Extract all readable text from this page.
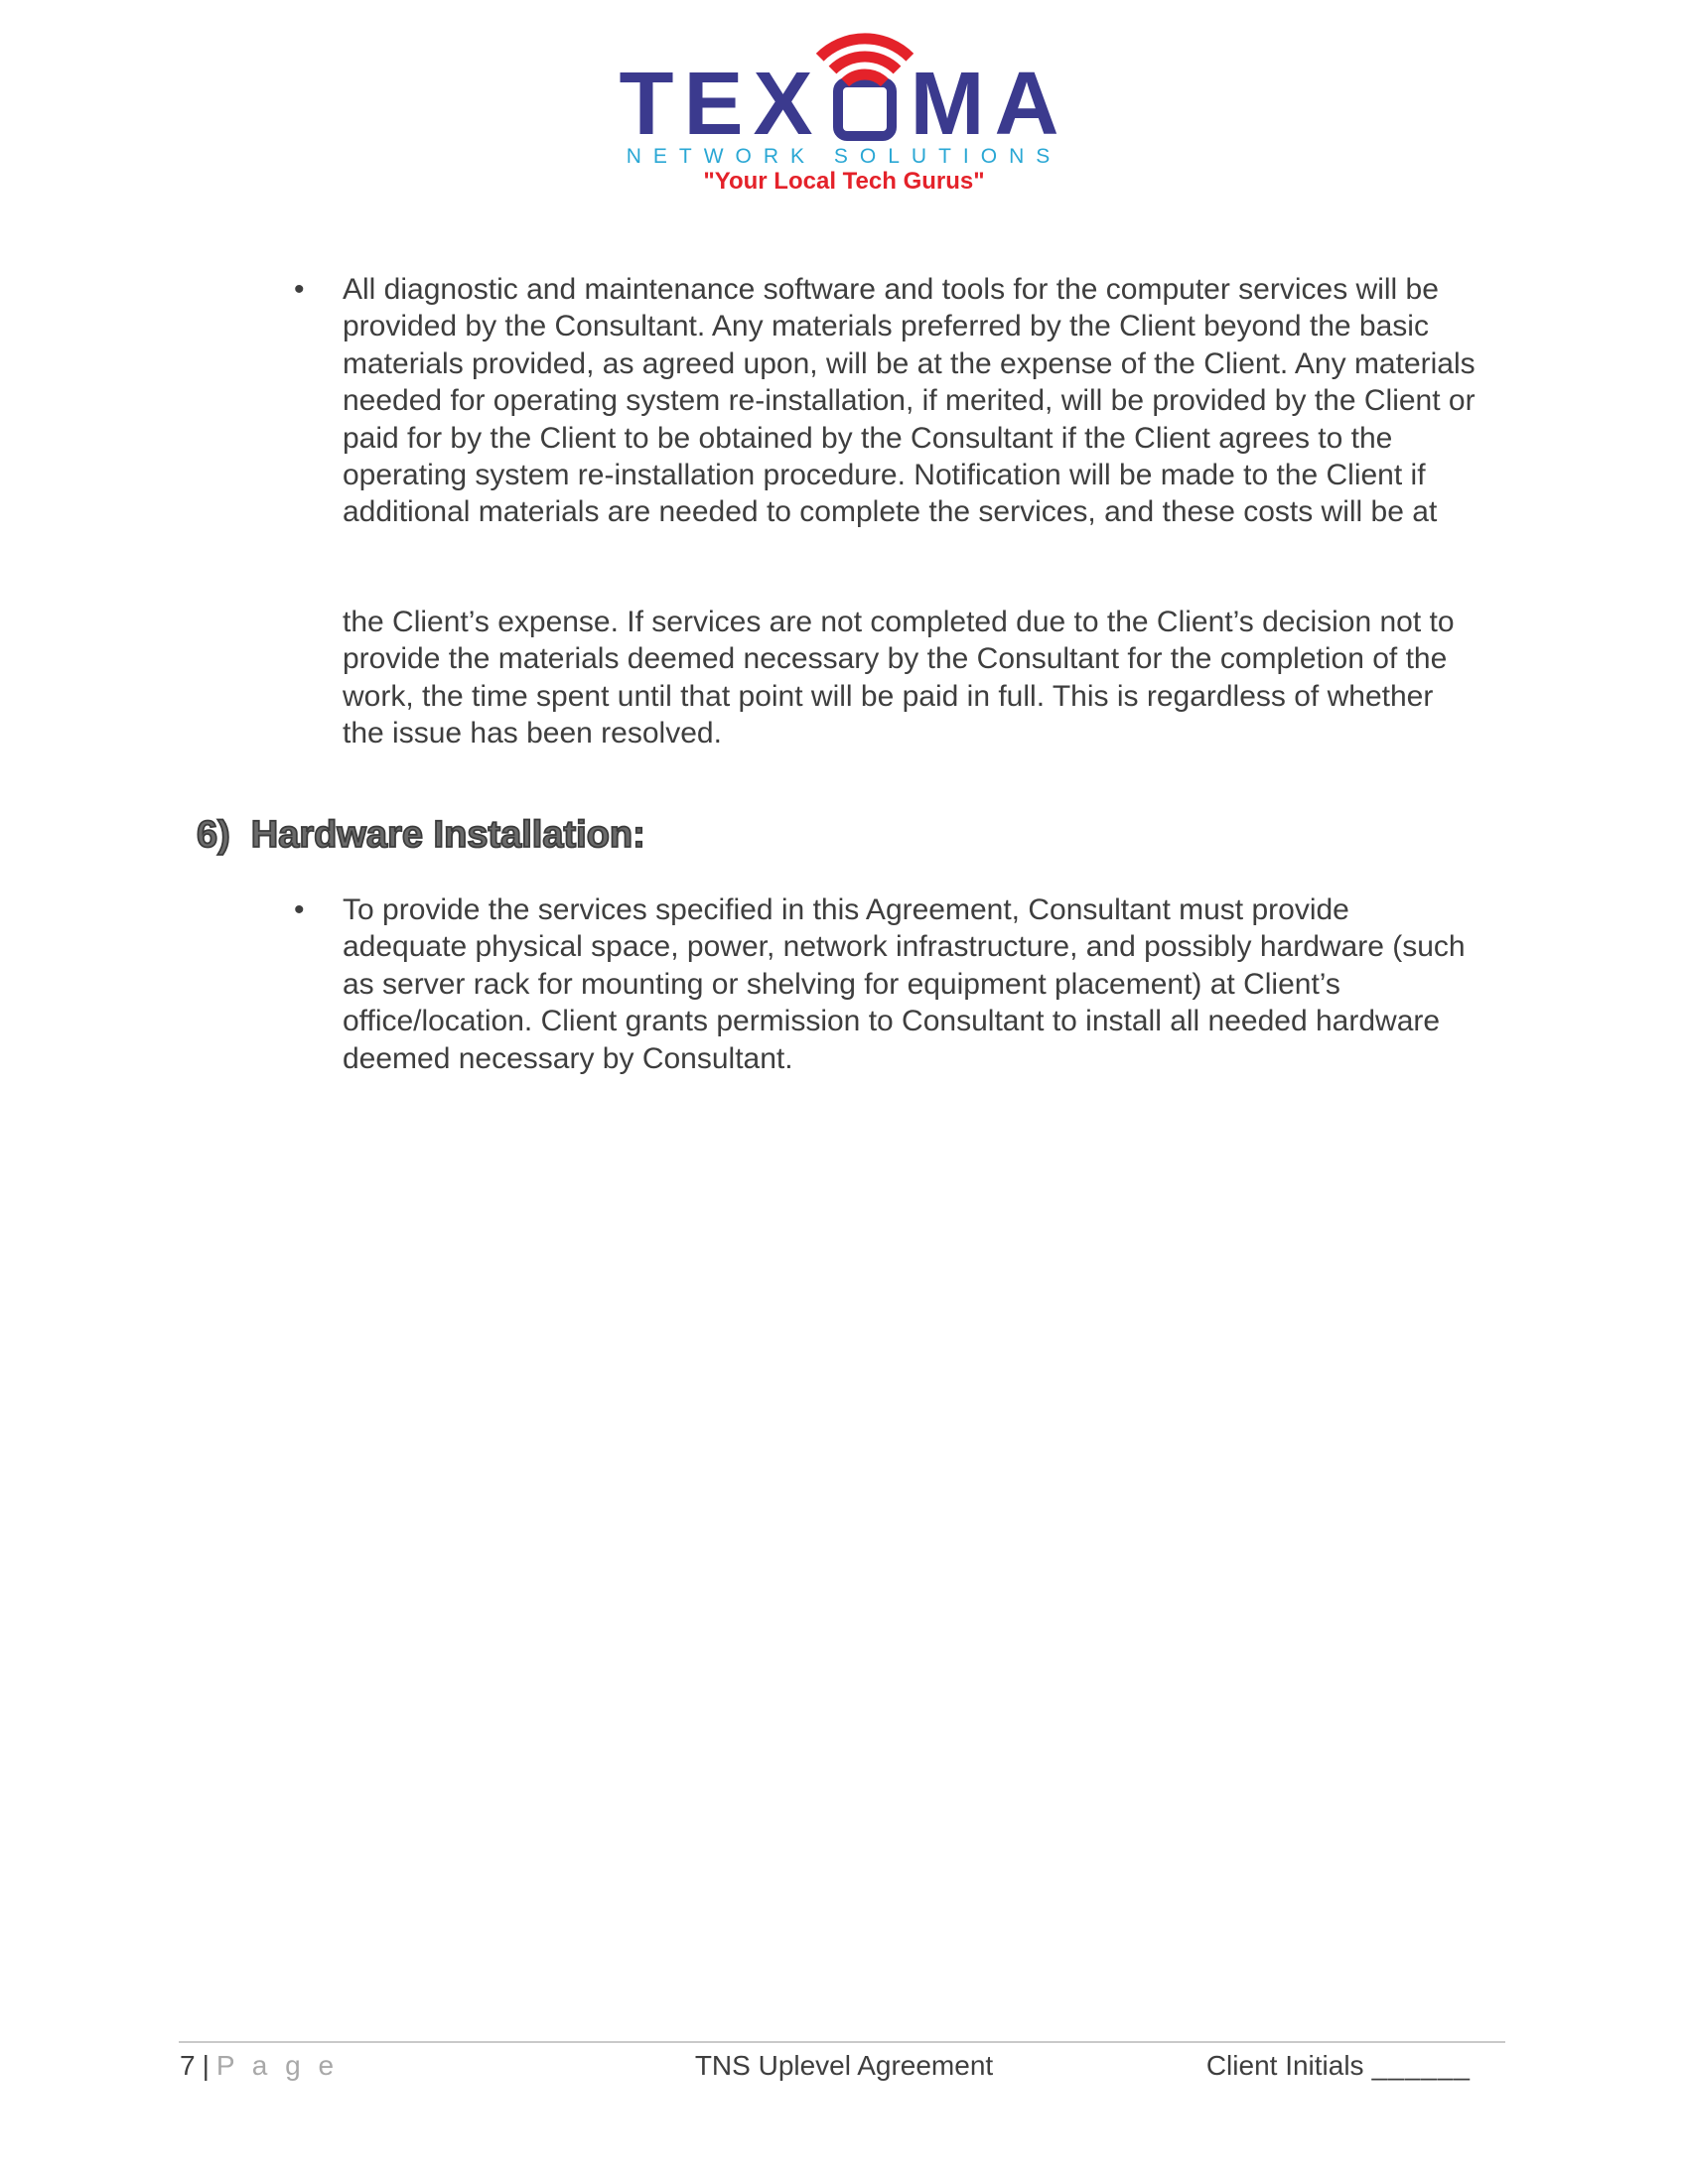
TEX MA
NETWORK SOLUTIONS
"Your Local Tech Gurus"
• All diagnostic and maintenance software and tools for the computer services will be
provided by the Consultant. Any materials preferred by the Client beyond the basic
materials provided, as agreed upon, will be at the expense of the Client. Any materials
needed for operating system re-installation, if merited, will be provided by the Client or
paid for by the Client to be obtained by the Consultant if the Client agrees to the
operating system re-installation procedure. Notification will be made to the Client if
additional materials are needed to complete the services, and these costs will be at
the Client’s expense. If services are not completed due to the Client’s decision not to
provide the materials deemed necessary by the Consultant for the completion of the
work, the time spent until that point will be paid in full. This is regardless of whether
the issue has been resolved.
6) Hardware Installation:
• To provide the services specified in this Agreement, Consultant must provide
adequate physical space, power, network infrastructure, and possibly hardware (such
as server rack for mounting or shelving for equipment placement) at Client’s
office/location. Client grants permission to Consultant to install all needed hardware
deemed necessary by Consultant.
7 | P a g e	TNS Uplevel Agreement	Client Initials ______
